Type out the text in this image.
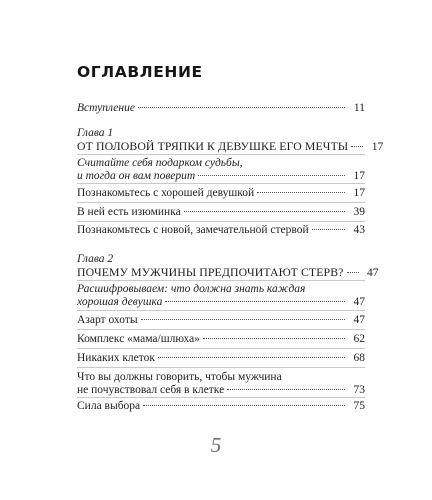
ОГЛАВЛЕНИЕ
Вступление	11
Глава 1
ОТ ПОЛОВОЙ ТРЯПКИ К ДЕВУШКЕ ЕГО МЕЧТЫ	17
Считайте себя подарком судьбы,
и тогда он вам поверит	17
Познакомьтесь с хорошей девушкой	17
В ней есть изюминка	39
Познакомьтесь с новой, замечательной стервой	43
Глава 2
ПОЧЕМУ МУЖЧИНЫ ПРЕДПОЧИТАЮТ СТЕРВ?	47
Расшифровываем: что должна знать каждая
хорошая девушка	47
Азарт охоты	47
Комплекс «мама/шлюха»	62
Никаких клеток	68
Что вы должны говорить, чтобы мужчина
не почувствовал себя в клетке	73
Сила выбора	75
5
